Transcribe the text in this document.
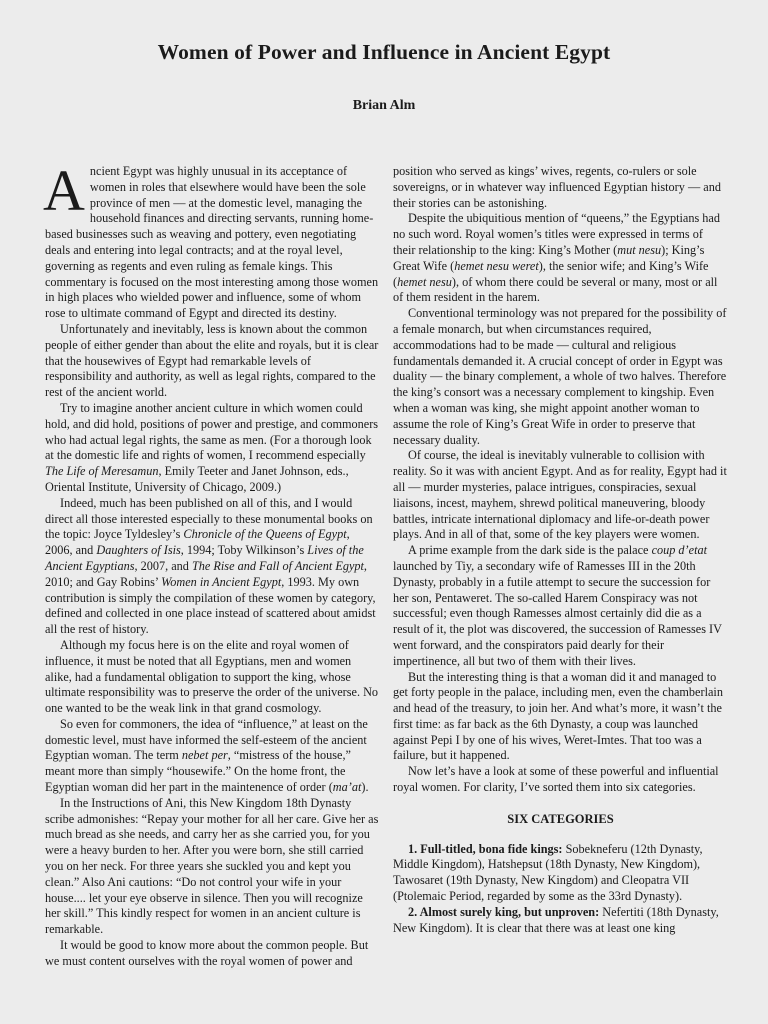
Women of Power and Influence in Ancient Egypt
Brian Alm

Ancient Egypt was highly unusual in its acceptance of women in roles that elsewhere would have been the sole province of men — at the domestic level, managing the household finances and directing servants, running home-based businesses such as weaving and pottery, even negotiating deals and entering into legal contracts; and at the royal level, governing as regents and even ruling as female kings. This commentary is focused on the most interesting among those women in high places who wielded power and influence, some of whom rose to ultimate command of Egypt and directed its destiny.

Unfortunately and inevitably, less is known about the common people of either gender than about the elite and royals, but it is clear that the housewives of Egypt had remarkable levels of responsibility and authority, as well as legal rights, compared to the rest of the ancient world.

Try to imagine another ancient culture in which women could hold, and did hold, positions of power and prestige, and commoners who had actual legal rights, the same as men. (For a thorough look at the domestic life and rights of women, I recommend especially The Life of Meresamun, Emily Teeter and Janet Johnson, eds., Oriental Institute, University of Chicago, 2009.)

Indeed, much has been published on all of this, and I would direct all those interested especially to these monumental books on the topic: Joyce Tyldesley’s Chronicle of the Queens of Egypt, 2006, and Daughters of Isis, 1994; Toby Wilkinson’s Lives of the Ancient Egyptians, 2007, and The Rise and Fall of Ancient Egypt, 2010; and Gay Robins’ Women in Ancient Egypt, 1993. My own contribution is simply the compilation of these women by category, defined and collected in one place instead of scattered about amidst all the rest of history.

Although my focus here is on the elite and royal women of influence, it must be noted that all Egyptians, men and women alike, had a fundamental obligation to support the king, whose ultimate responsibility was to preserve the order of the universe. No one wanted to be the weak link in that grand cosmology.

So even for commoners, the idea of “influence,” at least on the domestic level, must have informed the self-esteem of the ancient Egyptian woman. The term nebet per, “mistress of the house,” meant more than simply “housewife.” On the home front, the Egyptian woman did her part in the maintenence of order (ma’at).

In the Instructions of Ani, this New Kingdom 18th Dynasty scribe admonishes: “Repay your mother for all her care. Give her as much bread as she needs, and carry her as she carried you, for you were a heavy burden to her. After you were born, she still carried you on her neck. For three years she suckled you and kept you clean.” Also Ani cautions: “Do not control your wife in your house.... let your eye observe in silence. Then you will recognize her skill.” This kindly respect for women in an ancient culture is remarkable.

It would be good to know more about the common people. But we must content ourselves with the royal women of power and

position who served as kings’ wives, regents, co-rulers or sole sovereigns, or in whatever way influenced Egyptian history — and their stories can be astonishing.

Despite the ubiquitious mention of “queens,” the Egyptians had no such word. Royal women’s titles were expressed in terms of their relationship to the king: King’s Mother (mut nesu); King’s Great Wife (hemet nesu weret), the senior wife; and King’s Wife (hemet nesu), of whom there could be several or many, most or all of them resident in the harem.

Conventional terminology was not prepared for the possibility of a female monarch, but when circumstances required, accommodations had to be made — cultural and religious fundamentals demanded it. A crucial concept of order in Egypt was duality — the binary complement, a whole of two halves. Therefore the king’s consort was a necessary complement to kingship. Even when a woman was king, she might appoint another woman to assume the role of King’s Great Wife in order to preserve that necessary duality.

Of course, the ideal is inevitably vulnerable to collision with reality. So it was with ancient Egypt. And as for reality, Egypt had it all — murder mysteries, palace intrigues, conspiracies, sexual liaisons, incest, mayhem, shrewd political maneuvering, bloody battles, intricate international diplomacy and life-or-death power plays. And in all of that, some of the key players were women.

A prime example from the dark side is the palace coup d’etat launched by Tiy, a secondary wife of Ramesses III in the 20th Dynasty, probably in a futile attempt to secure the succession for her son, Pentaweret. The so-called Harem Conspiracy was not successful; even though Ramesses almost certainly did die as a result of it, the plot was discovered, the succession of Ramesses IV went forward, and the conspirators paid dearly for their impertinence, all but two of them with their lives.

But the interesting thing is that a woman did it and managed to get forty people in the palace, including men, even the chamberlain and head of the treasury, to join her. And what’s more, it wasn’t the first time: as far back as the 6th Dynasty, a coup was launched against Pepi I by one of his wives, Weret-Imtes. That too was a failure, but it happened.

Now let’s have a look at some of these powerful and influential royal women. For clarity, I’ve sorted them into six categories.

SIX CATEGORIES

1. Full-titled, bona fide kings: Sobekneferu (12th Dynasty, Middle Kingdom), Hatshepsut (18th Dynasty, New Kingdom), Tawosaret (19th Dynasty, New Kingdom) and Cleopatra VII (Ptolemaic Period, regarded by some as the 33rd Dynasty).

2. Almost surely king, but unproven: Nefertiti (18th Dynasty, New Kingdom). It is clear that there was at least one king
